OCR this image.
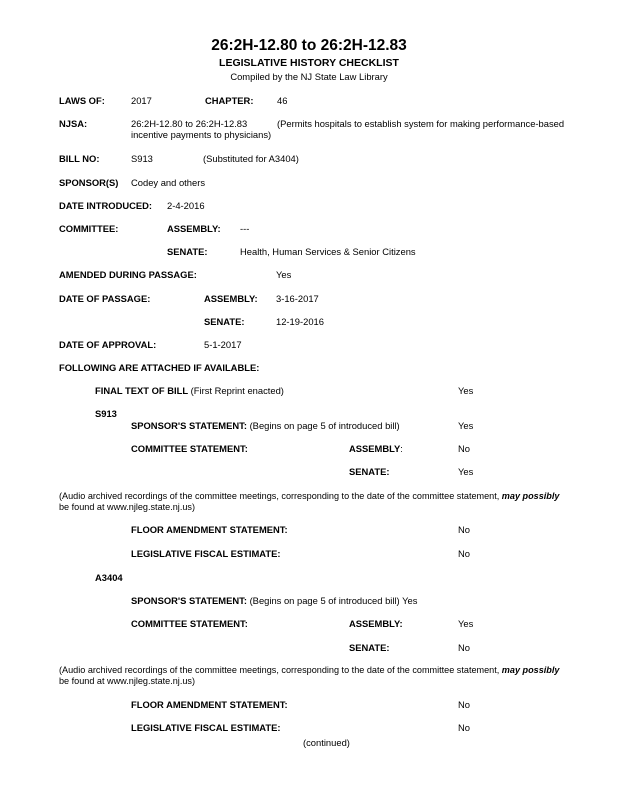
26:2H-12.80 to 26:2H-12.83
LEGISLATIVE HISTORY CHECKLIST
Compiled by the NJ State Law Library
LAWS OF:	2017	CHAPTER:	46
NJSA:	26:2H-12.80 to 26:2H-12.83	(Permits hospitals to establish system for making performance-based
incentive payments to physicians)
BILL NO:	S913	(Substituted for A3404)
SPONSOR(S) Codey and others
DATE INTRODUCED: 2-4-2016
COMMITTEE:	ASSEMBLY: ---
SENATE:	Health, Human Services & Senior Citizens
AMENDED DURING PASSAGE:	Yes
DATE OF PASSAGE:	ASSEMBLY: 3-16-2017
SENATE:	12-19-2016
DATE OF APPROVAL:	5-1-2017
FOLLOWING ARE ATTACHED IF AVAILABLE:
FINAL TEXT OF BILL (First Reprint enacted)	Yes
S913
SPONSOR'S STATEMENT: (Begins on page 5 of introduced bill)	Yes
COMMITTEE STATEMENT:	ASSEMBLY:	No
SENATE:	Yes
(Audio archived recordings of the committee meetings, corresponding to the date of the committee statement, may possibly
be found at www.njleg.state.nj.us)
FLOOR AMENDMENT STATEMENT:	No
LEGISLATIVE FISCAL ESTIMATE:	No
A3404
SPONSOR'S STATEMENT: (Begins on page 5 of introduced bill) Yes
COMMITTEE STATEMENT:	ASSEMBLY:	Yes
SENATE:	No
(Audio archived recordings of the committee meetings, corresponding to the date of the committee statement, may possibly
be found at www.njleg.state.nj.us)
FLOOR AMENDMENT STATEMENT:	No
LEGISLATIVE FISCAL ESTIMATE:	No
(continued)
